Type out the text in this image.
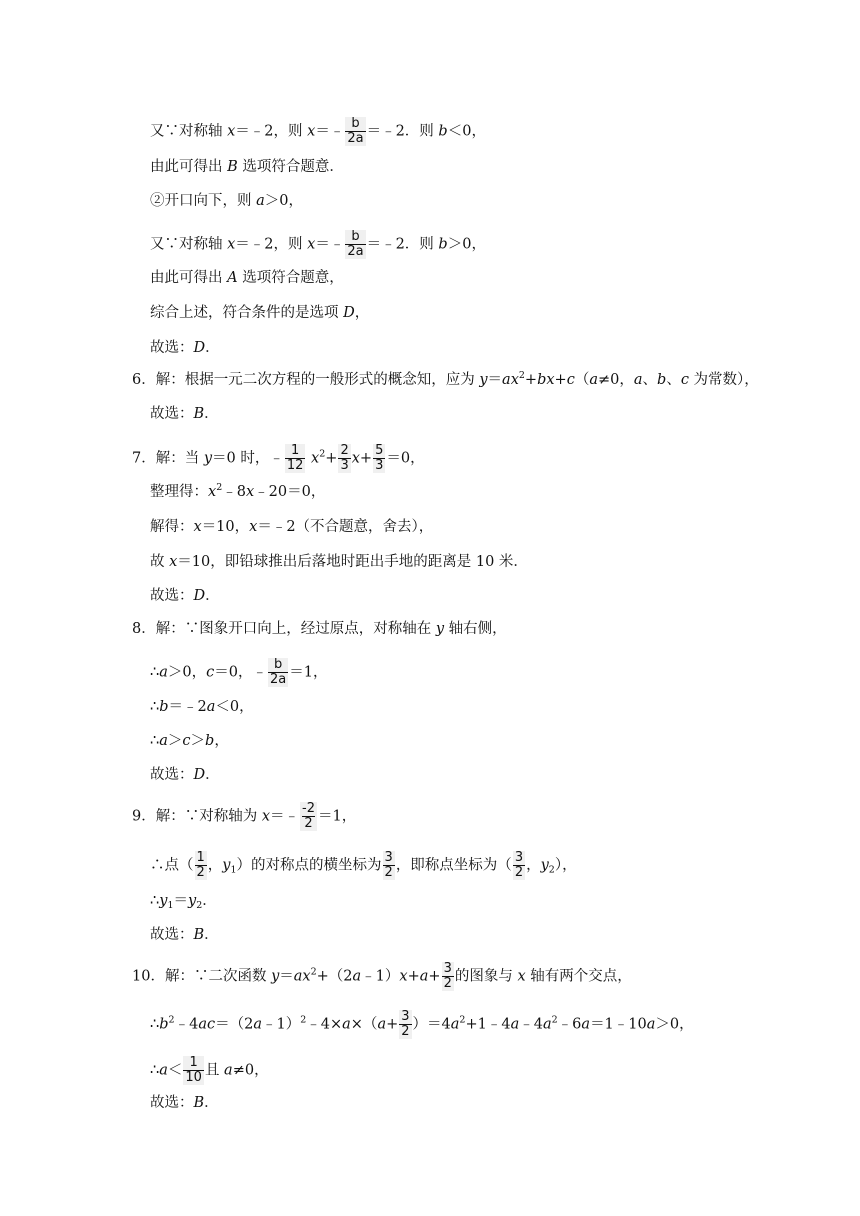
又∵对称轴 x＝﹣2，则 x＝﹣ $\frac{b}{2a}$ ＝﹣2．则 b＜0，
由此可得出 B 选项符合题意．
②开口向下，则 a＞0，
又∵对称轴 x＝﹣2，则 x＝﹣ $\frac{b}{2a}$ ＝﹣2．则 b＞0，
由此可得出 A 选项符合题意，
综合上述，符合条件的是选项 D，
故选：D．
6．解：根据一元二次方程的一般形式的概念知，应为 $y=ax^2+bx+c(a\ne 0$，a、b、c 为常数），
故选：B．
7．解：当 y＝0 时，﹣ $\frac{1}{12} x^2+ \frac{2}{3} x+ \frac{5}{3} =0$，
整理得：$x^2﹣8x﹣20=0$，
解得：x＝10，x＝﹣2（不合题意，舍去），
故 x＝10，即铅球推出后落地时距出手地的距离是 10 米．
故选：D．
8．解：∵图象开口向上，经过原点，对称轴在 y 轴右侧，
∴a＞0，c＝0，﹣ $\frac{b}{2a} =1$，
∴b＝﹣2a＜0，
∴a＞c＞b，
故选：D．
9．解：∵对称轴为 x＝﹣ $\frac{-2}{2} =1$，
∴点（ $\frac{1}{2}$ ，$y_1$）的对称点的横坐标为 $\frac{3}{2}$ ，即称点坐标为（ $\frac{3}{2}$ ，$y_2$），
$\therefore y_1=y_2$．
故选：B．
10．解：∵二次函数 $y=ax^2+(2a﹣1)x+a+ \frac{3}{2}$ 的图象与 x 轴有两个交点，
$\therefore b^2﹣4ac=(2a﹣1)^2﹣4\times a\times(a+ \frac{3}{2}$ ）$=4a^2+1﹣4a﹣4a^2﹣6a=1﹣10a>0$，
∴a＜ $\frac{1}{10}$ 且 a≠0，
故选：B．
